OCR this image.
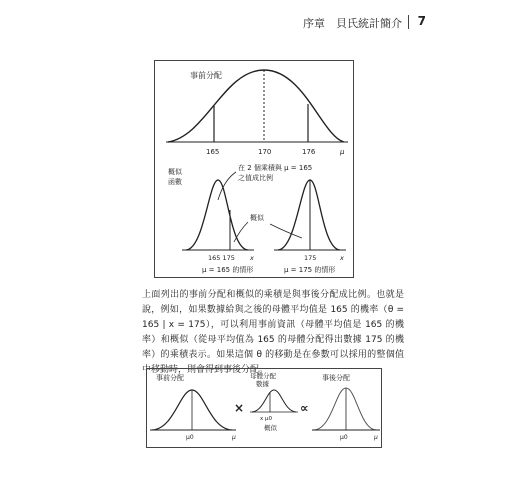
序章　貝氏統計簡介 7
事前分配
165	170	176	μ
在 2 個乘積與 μ = 165
之值成比例
概似
函數
165 175 x
μ = 165 的情形
概似
175	x
μ = 175 的情形
上面列出的事前分配和概似的乘積是與事後分配成比例。也就是說，例如，如果數據給與之後的母體平均值是 165 的機率（θ = 165 | x = 175），可以利用事前資訊（母體平均值是 165 的機率）和概似（從母平均值為 165 的母體分配得出數據 175 的機率）的乘積表示。如果這個 θ 的移動是在參數可以採用的整個值中移動時，則會得到事後分配。
事前分配
μ0	μ
×
母體分配
數據
x μ0
概似
∝
事後分配
μ0	μ
